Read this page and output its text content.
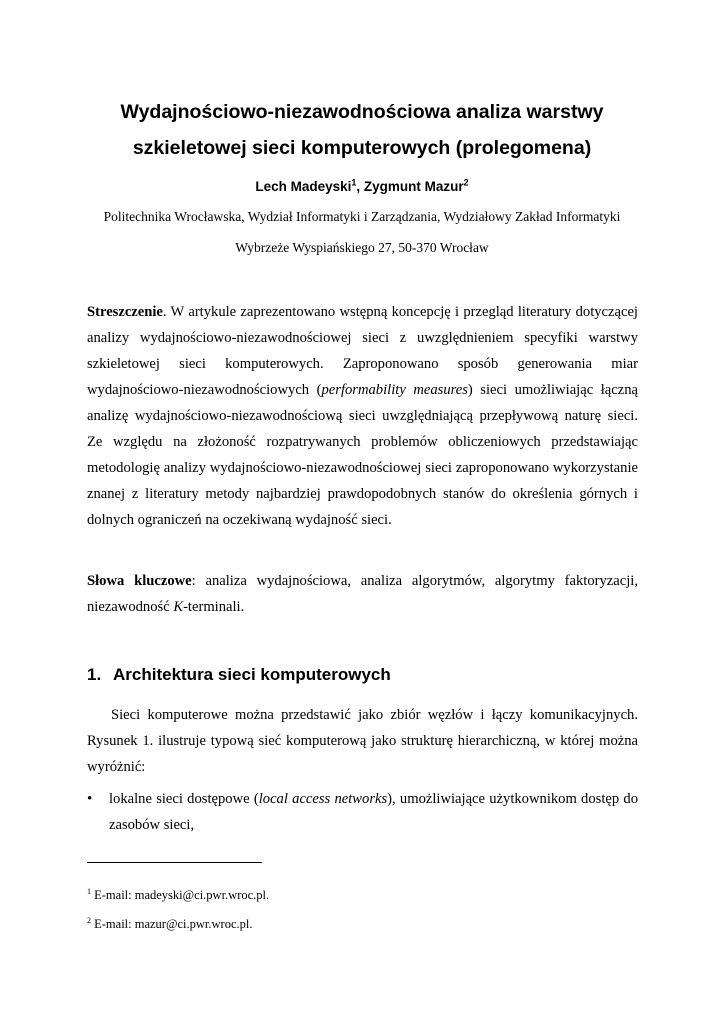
Wydajnościowo-niezawodnościowa analiza warstwy
szkieletowej sieci komputerowych (prolegomena)
Lech Madeyski$^1$, Zygmunt Mazur$^2$
Politechnika Wrocławska, Wydział Informatyki i Zarządzania, Wydziałowy Zakład Informatyki
Wybrzeże Wyspiańskiego 27, 50-370 Wrocław
Streszczenie. W artykule zaprezentowano wstępną koncepcję i przegląd literatury dotyczącej
analizy wydajnościowo-niezawodnościowej sieci z uwzględnieniem specyfiki warstwy
szkieletowej sieci komputerowych. Zaproponowano sposób generowania miar
wydajnościowo-niezawodnościowych (performability measures) sieci umożliwiając łączną
analizę wydajnościowo-niezawodnościową sieci uwzględniającą przepływową naturę sieci.
Ze względu na złożoność rozpatrywanych problemów obliczeniowych przedstawiając
metodologię analizy wydajnościowo-niezawodnościowej sieci zaproponowano wykorzystanie
znanej z literatury metody najbardziej prawdopodobnych stanów do określenia górnych i
dolnych ograniczeń na oczekiwaną wydajność sieci.
Słowa kluczowe: analiza wydajnościowa, analiza algorytmów, algorytmy faktoryzacji,
niezawodność K-terminali.
1. Architektura sieci komputerowych
Sieci komputerowe można przedstawić jako zbiór węzłów i łączy komunikacyjnych.
Rysunek 1. ilustruje typową sieć komputerową jako strukturę hierarchiczną, w której można
wyróżnić:
• lokalne sieci dostępowe (local access networks), umożliwiające użytkownikom dostęp do
zasobów sieci,
$^1$ E-mail: madeyski@ci.pwr.wroc.pl.
$^2$ E-mail: mazur@ci.pwr.wroc.pl.
